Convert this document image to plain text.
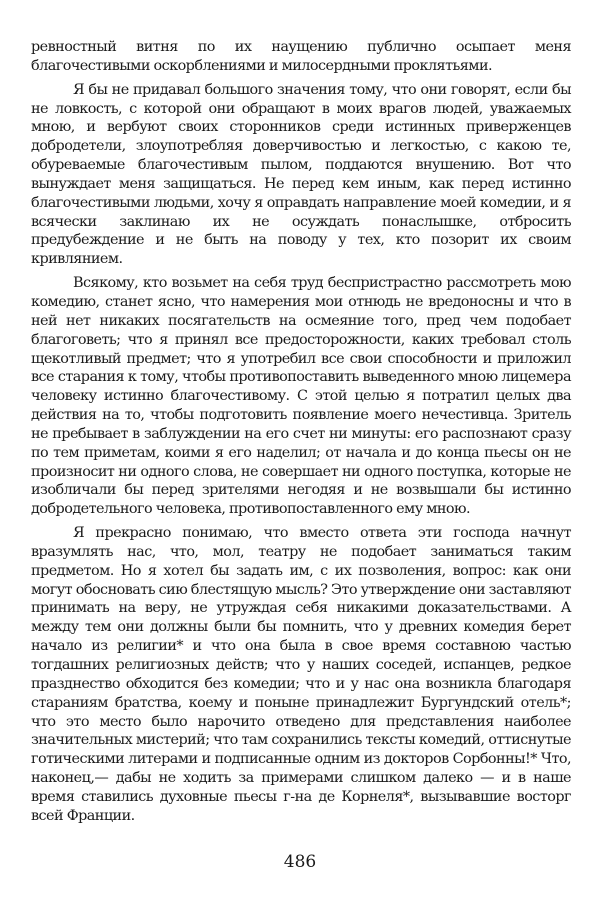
ревностный витня по их наущению публично осыпает меня благочестивыми оскорблениями и милосердными проклятьями.

Я бы не придавал большого значения тому, что они говорят, если бы не ловкость, с которой они обращают в моих врагов людей, уважаемых мною, и вербуют своих сторонников среди истинных приверженцев добродетели, злоупотребляя доверчивостью и легкостью, с какою те, обуреваемые благочестивым пылом, поддаются внушению. Вот что вынуждает меня защищаться. Не перед кем иным, как перед истинно благочестивыми людьми, хочу я оправдать направление моей комедии, и я всячески заклинаю их не осуждать понаслышке, отбросить предубеждение и не быть на поводу у тех, кто позорит их своим кривлянием.

Всякому, кто возьмет на себя труд беспристрастно рассмотреть мою комедию, станет ясно, что намерения мои отнюдь не вредоносны и что в ней нет никаких посягательств на осмеяние того, пред чем подобает благоговеть; что я принял все предосторожности, каких требовал столь щекотливый предмет; что я употребил все свои способности и приложил все старания к тому, чтобы противопоставить выведенного мною лицемера человеку истинно благочестивому. С этой целью я потратил целых два действия на то, чтобы подготовить появление моего нечестивца. Зритель не пребывает в заблуждении на его счет ни минуты: его распознают сразу по тем приметам, коими я его наделил; от начала и до конца пьесы он не произносит ни одного слова, не совершает ни одного поступка, которые не изобличали бы перед зрителями негодяя и не возвышали бы истинно добродетельного человека, противопоставленного ему мною.

Я прекрасно понимаю, что вместо ответа эти господа начнут вразумлять нас, что, мол, театру не подобает заниматься таким предметом. Но я хотел бы задать им, с их позволения, вопрос: как они могут обосновать сию блестящую мысль? Это утверждение они заставляют принимать на веру, не утруждая себя никакими доказательствами. А между тем они должны были бы помнить, что у древних комедия берет начало из религии* и что она была в свое время составною частью тогдашних религиозных действ; что у наших соседей, испанцев, редкое празднество обходится без комедии; что и у нас она возникла благодаря стараниям братства, коему и поныне принадлежит Бургундский отель*; что это место было нарочито отведено для представления наиболее значительных мистерий; что там сохранились тексты комедий, оттиснутые готическими литерами и подписанные одним из докторов Сорбонны!* Что, наконец,— дабы не ходить за примерами слишком далеко — и в наше время ставились духовные пьесы г-на де Корнеля*, вызывавшие восторг всей Франции.

486
